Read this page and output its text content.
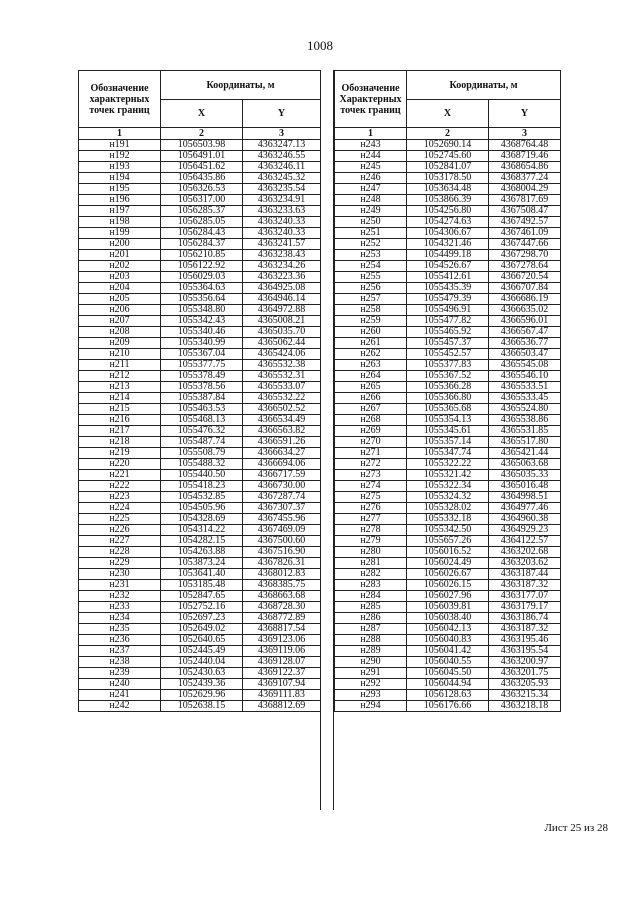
1008
Обозначение характерных точек границ	Координаты, м	
	X	Y
1	2	3
н191	1056503.98	4363247.13
н192	1056491.01	4363246.55
н193	1056451.62	4363246.11
н194	1056435.86	4363245.32
н195	1056326.53	4363235.54
н196	1056317.00	4363234.91
н197	1056285.37	4363233.63
н198	1056285.05	4363240.33
н199	1056284.43	4363240.33
н200	1056284.37	4363241.57
н201	1056210.85	4363238.43
н202	1056122.92	4363234.26
н203	1056029.03	4363223.36
н204	1055364.63	4364925.08
н205	1055356.64	4364946.14
н206	1055348.80	4364972.88
н207	1055342.43	4365008.21
н208	1055340.46	4365035.70
н209	1055340.99	4365062.44
н210	1055367.04	4365424.06
н211	1055377.75	4365532.38
н212	1055378.49	4365532.31
н213	1055378.56	4365533.07
н214	1055387.84	4365532.22
н215	1055463.53	4366502.52
н216	1055468.13	4366534.49
н217	1055476.32	4366563.82
н218	1055487.74	4366591.26
н219	1055508.79	4366634.27
н220	1055488.32	4366694.06
н221	1055440.50	4366717.59
н222	1055418.23	4366730.00
н223	1054532.85	4367287.74
н224	1054505.96	4367307.37
н225	1054328.69	4367455.96
н226	1054314.22	4367469.09
н227	1054282.15	4367500.60
н228	1054263.88	4367516.90
н229	1053873.24	4367826.31
н230	1053641.40	4368012.83
н231	1053185.48	4368385.75
н232	1052847.65	4368663.68
н233	1052752.16	4368728.30
н234	1052697.23	4368772.89
н235	1052649.02	4368817.54
н236	1052640.65	4369123.06
н237	1052445.49	4369119.06
н238	1052440.04	4369128.07
н239	1052430.63	4369122.37
н240	1052439.36	4369107.94
н241	1052629.96	4369111.83
н242	1052638.15	4368812.69
Обозначение Характерных точек границ	Координаты, м	
	X	Y
1	2	3
н243	1052690.14	4368764.48
н244	1052745.60	4368719.46
н245	1052841.07	4368654.86
н246	1053178.50	4368377.24
н247	1053634.48	4368004.29
н248	1053866.39	4367817.69
н249	1054256.80	4367508.47
н250	1054274.63	4367492.57
н251	1054306.67	4367461.09
н252	1054321.46	4367447.66
н253	1054499.18	4367298.70
н254	1054526.67	4367278.64
н255	1055412.61	4366720.54
н256	1055435.39	4366707.84
н257	1055479.39	4366686.19
н258	1055496.91	4366635.02
н259	1055477.82	4366596.01
н260	1055465.92	4366567.47
н261	1055457.37	4366536.77
н262	1055452.57	4366503.47
н263	1055377.83	4365545.08
н264	1055367.52	4365546.10
н265	1055366.28	4365533.51
н266	1055366.80	4365533.45
н267	1055365.68	4365524.80
н268	1055354.13	4365538.86
н269	1055345.61	4365531.85
н270	1055357.14	4365517.80
н271	1055347.74	4365421.44
н272	1055322.22	4365063.68
н273	1055321.42	4365035.33
н274	1055322.34	4365016.48
н275	1055324.32	4364998.51
н276	1055328.02	4364977.46
н277	1055332.18	4364960.38
н278	1055342.50	4364929.23
н279	1055657.26	4364122.57
н280	1056016.52	4363202.68
н281	1056024.49	4363203.62
н282	1056026.67	4363187.44
н283	1056026.15	4363187.32
н284	1056027.96	4363177.07
н285	1056039.81	4363179.17
н286	1056038.40	4363186.74
н287	1056042.13	4363187.32
н288	1056040.83	4363195.46
н289	1056041.42	4363195.54
н290	1056040.55	4363200.97
н291	1056045.50	4363201.75
н292	1056044.94	4363205.93
н293	1056128.63	4363215.34
н294	1056176.66	4363218.18
Лист 25 из 28
